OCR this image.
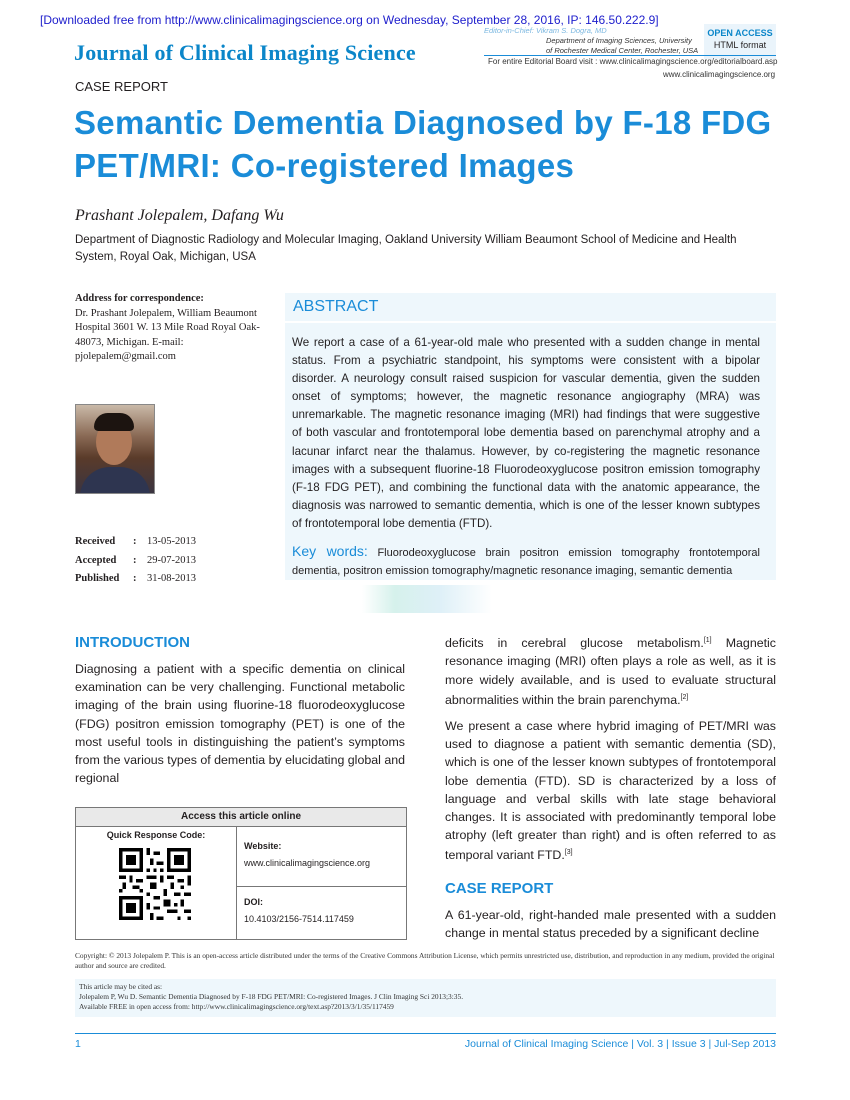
[Downloaded free from http://www.clinicalimagingscience.org on Wednesday, September 28, 2016, IP: 146.50.222.9]
Journal of Clinical Imaging Science
Editor-in-Chief: Vikram S. Dogra, MD
Department of Imaging Sciences, University of Rochester Medical Center, Rochester, USA
OPEN ACCESS
HTML format
For entire Editorial Board visit : www.clinicalimagingscience.org/editorialboard.asp
www.clinicalimagingscience.org
CASE REPORT
Semantic Dementia Diagnosed by F-18 FDG PET/MRI: Co-registered Images
Prashant Jolepalem, Dafang Wu
Department of Diagnostic Radiology and Molecular Imaging, Oakland University William Beaumont School of Medicine and Health System, Royal Oak, Michigan, USA
Address for correspondence:
Dr. Prashant Jolepalem, William Beaumont Hospital 3601 W. 13 Mile Road Royal Oak-48073, Michigan. E-mail: pjolepalem@gmail.com
Received	:	13-05-2013
Accepted	:	29-07-2013
Published	:	31-08-2013
ABSTRACT
We report a case of a 61-year-old male who presented with a sudden change in mental status. From a psychiatric standpoint, his symptoms were consistent with a bipolar disorder. A neurology consult raised suspicion for vascular dementia, given the sudden onset of symptoms; however, the magnetic resonance angiography (MRA) was unremarkable. The magnetic resonance imaging (MRI) had findings that were suggestive of both vascular and frontotemporal lobe dementia based on parenchymal atrophy and a lacunar infarct near the thalamus. However, by co-registering the magnetic resonance images with a subsequent fluorine-18 Fluorodeoxyglucose positron emission tomography (F-18 FDG PET), and combining the functional data with the anatomic appearance, the diagnosis was narrowed to semantic dementia, which is one of the lesser known subtypes of frontotemporal lobe dementia (FTD).
Key words: Fluorodeoxyglucose brain positron emission tomography frontotemporal dementia, positron emission tomography/magnetic resonance imaging, semantic dementia
INTRODUCTION
Diagnosing a patient with a specific dementia on clinical examination can be very challenging. Functional metabolic imaging of the brain using fluorine-18 fluorodeoxyglucose (FDG) positron emission tomography (PET) is one of the most useful tools in distinguishing the patient’s symptoms from the various types of dementia by elucidating global and regional

deficits in cerebral glucose metabolism.[1] Magnetic resonance imaging (MRI) often plays a role as well, as it is more widely available, and is used to evaluate structural abnormalities within the brain parenchyma.[2]

We present a case where hybrid imaging of PET/MRI was used to diagnose a patient with semantic dementia (SD), which is one of the lesser known subtypes of frontotemporal lobe dementia (FTD). SD is characterized by a loss of language and verbal skills with late stage behavioral changes. It is associated with predominantly temporal lobe atrophy (left greater than right) and is often referred to as temporal variant FTD.[3]

CASE REPORT
A 61-year-old, right-handed male presented with a sudden change in mental status preceded by a significant decline
Access this article online
Quick Response Code:
Website:
www.clinicalimagingscience.org
DOI:
10.4103/2156-7514.117459
Copyright: © 2013 Jolepalem P. This is an open-access article distributed under the terms of the Creative Commons Attribution License, which permits unrestricted use, distribution, and reproduction in any medium, provided the original author and source are credited.
This article may be cited as:
Jolepalem P, Wu D. Semantic Dementia Diagnosed by F-18 FDG PET/MRI: Co-registered Images. J Clin Imaging Sci 2013;3:35.
Available FREE in open access from: http://www.clinicalimagingscience.org/text.asp?2013/3/1/35/117459
1	Journal of Clinical Imaging Science | Vol. 3 | Issue 3 | Jul-Sep 2013
